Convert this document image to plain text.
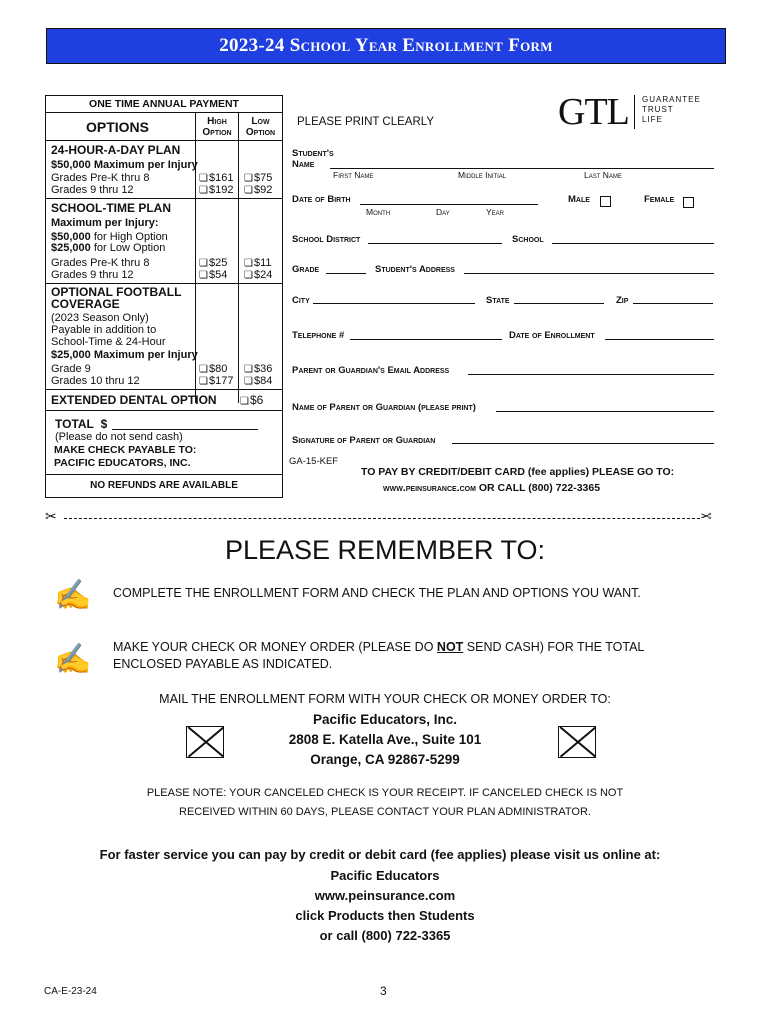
2023-24 School Year Enrollment Form
ONE TIME ANNUAL PAYMENT
OPTIONS	High
Option
Low
Option
24-HOUR-A-DAY PLAN
$50,000 Maximum per Injury
Grades Pre-K thru 8
Grades 9 thru 12
❏ $161
❏ $192
❏ $75
❏ $92
SCHOOL-TIME PLAN
Maximum per Injury:
$50,000 for High Option
$25,000 for Low Option
Grades Pre-K thru 8
Grades 9 thru 12
❏ $25
❏ $54
❏ $11
❏ $24
OPTIONAL FOOTBALL
COVERAGE
(2023 Season Only)
Payable in addition to
School-Time & 24-Hour
$25,000 Maximum per Injury
Grade 9
Grades 10 thru 12
❏ $80
❏ $177
❏ $36
❏ $84
EXTENDED DENTAL OPTION
❏	$6
TOTAL $
(Please do not send cash)
MAKE CHECK PAYABLE TO:
PACIFIC EDUCATORS, INC.
NO REFUNDS ARE AVAILABLE
PLEASE PRINT CLEARLY	GTL GUARANTEE
TRUST
LIFE
Student's
Name
First Name	Middle Initial	Last Name
Date of Birth
Month	Day	Year
Male	Female
School District	School
Grade	Student's Address
City	State	Zip
Telephone #	Date of Enrollment
Parent or Guardian's Email Address
Name of Parent or Guardian (please print)
Signature of Parent or Guardian
GA-15-KEF
TO PAY BY CREDIT/DEBIT CARD (fee applies) PLEASE GO TO:
www.peinsurance.com OR CALL (800) 722-3365
✂	✂
PLEASE REMEMBER TO:
✍ COMPLETE THE ENROLLMENT FORM AND CHECK THE PLAN AND OPTIONS YOU WANT.
✍ MAKE YOUR CHECK OR MONEY ORDER (PLEASE DO NOT SEND CASH) FOR THE TOTAL
ENCLOSED PAYABLE AS INDICATED.
MAIL THE ENROLLMENT FORM WITH YOUR CHECK OR MONEY ORDER TO:
Pacific Educators, Inc.
2808 E. Katella Ave., Suite 101
Orange, CA 92867-5299
PLEASE NOTE: YOUR CANCELED CHECK IS YOUR RECEIPT. IF CANCELED CHECK IS NOT
RECEIVED WITHIN 60 DAYS, PLEASE CONTACT YOUR PLAN ADMINISTRATOR.
For faster service you can pay by credit or debit card (fee applies) please visit us online at:
Pacific Educators
www.peinsurance.com
click Products then Students
or call (800) 722-3365
CA-E-23-24	3
